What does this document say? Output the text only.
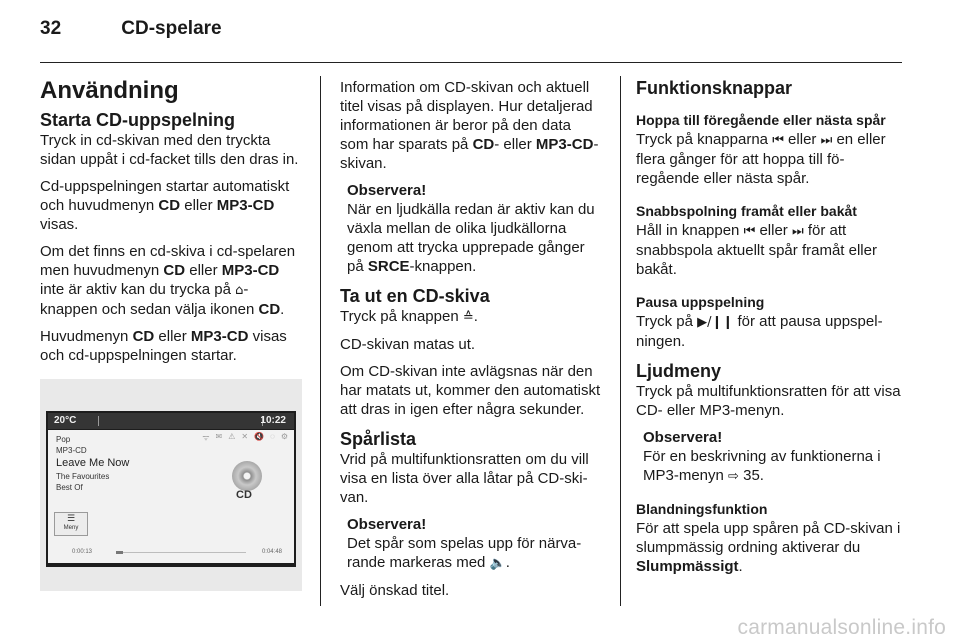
32	CD-spelare
Användning
Starta CD-uppspelning

Tryck in cd-skivan med den tryckta sidan uppåt i cd-facket tills den dras in.

Cd-uppspelningen startar automatiskt och huvudmenyn CD eller MP3-CD visas.

Om det finns en cd-skiva i cd-spelaren men huvudmenyn CD eller MP3-CD inte är aktiv kan du trycka på ⌂-knappen och sedan välja ikonen CD.

Huvudmenyn CD eller MP3-CD visas och cd-uppspelningen startar.

20°C	10:22
ᯤ ✉ ⚠ ✕ 🔇 ◌ ⚙
Pop
MP3-CD
Leave Me Now
The Favourites
Best Of
CD
☰
Meny
0:00:13	0:04:48

Information om CD-skivan och aktuell titel visas på displayen. Hur detaljerad informationen är beror på den data som har sparats på CD- eller MP3-CD-skivan.

Observera!
När en ljudkälla redan är aktiv kan du växla mellan de olika ljudkällorna genom att trycka upprepade gånger på SRCE-knappen.
Ta ut en CD-skiva

Tryck på knappen ≙.

CD-skivan matas ut.

Om CD-skivan inte avlägsnas när den har matats ut, kommer den automatiskt att dras in igen efter några sekunder.

Spårlista

Vrid på multifunktionsratten om du vill visa en lista över alla låtar på CD-skivan.

Observera!
Det spår som spelas upp för närvarande markeras med 🔈.

Välj önskad titel.

Funktionsknappar
Hoppa till föregående eller nästa spår

Tryck på knapparna ⏮ eller ⏭ en eller flera gånger för att hoppa till föregående eller nästa spår.

Snabbspolning framåt eller bakåt

Håll in knappen ⏮ eller ⏭ för att snabbspola aktuellt spår framåt eller bakåt.

Pausa uppspelning

Tryck på ▶/❙❙ för att pausa uppspelningen.

Ljudmeny

Tryck på multifunktionsratten för att visa CD- eller MP3-menyn.

Observera!
För en beskrivning av funktionerna i MP3-menyn ⇨ 35.
Blandningsfunktion

För att spela upp spåren på CD-skivan i slumpmässig ordning aktiverar du Slumpmässigt.

carmanualsonline.info
